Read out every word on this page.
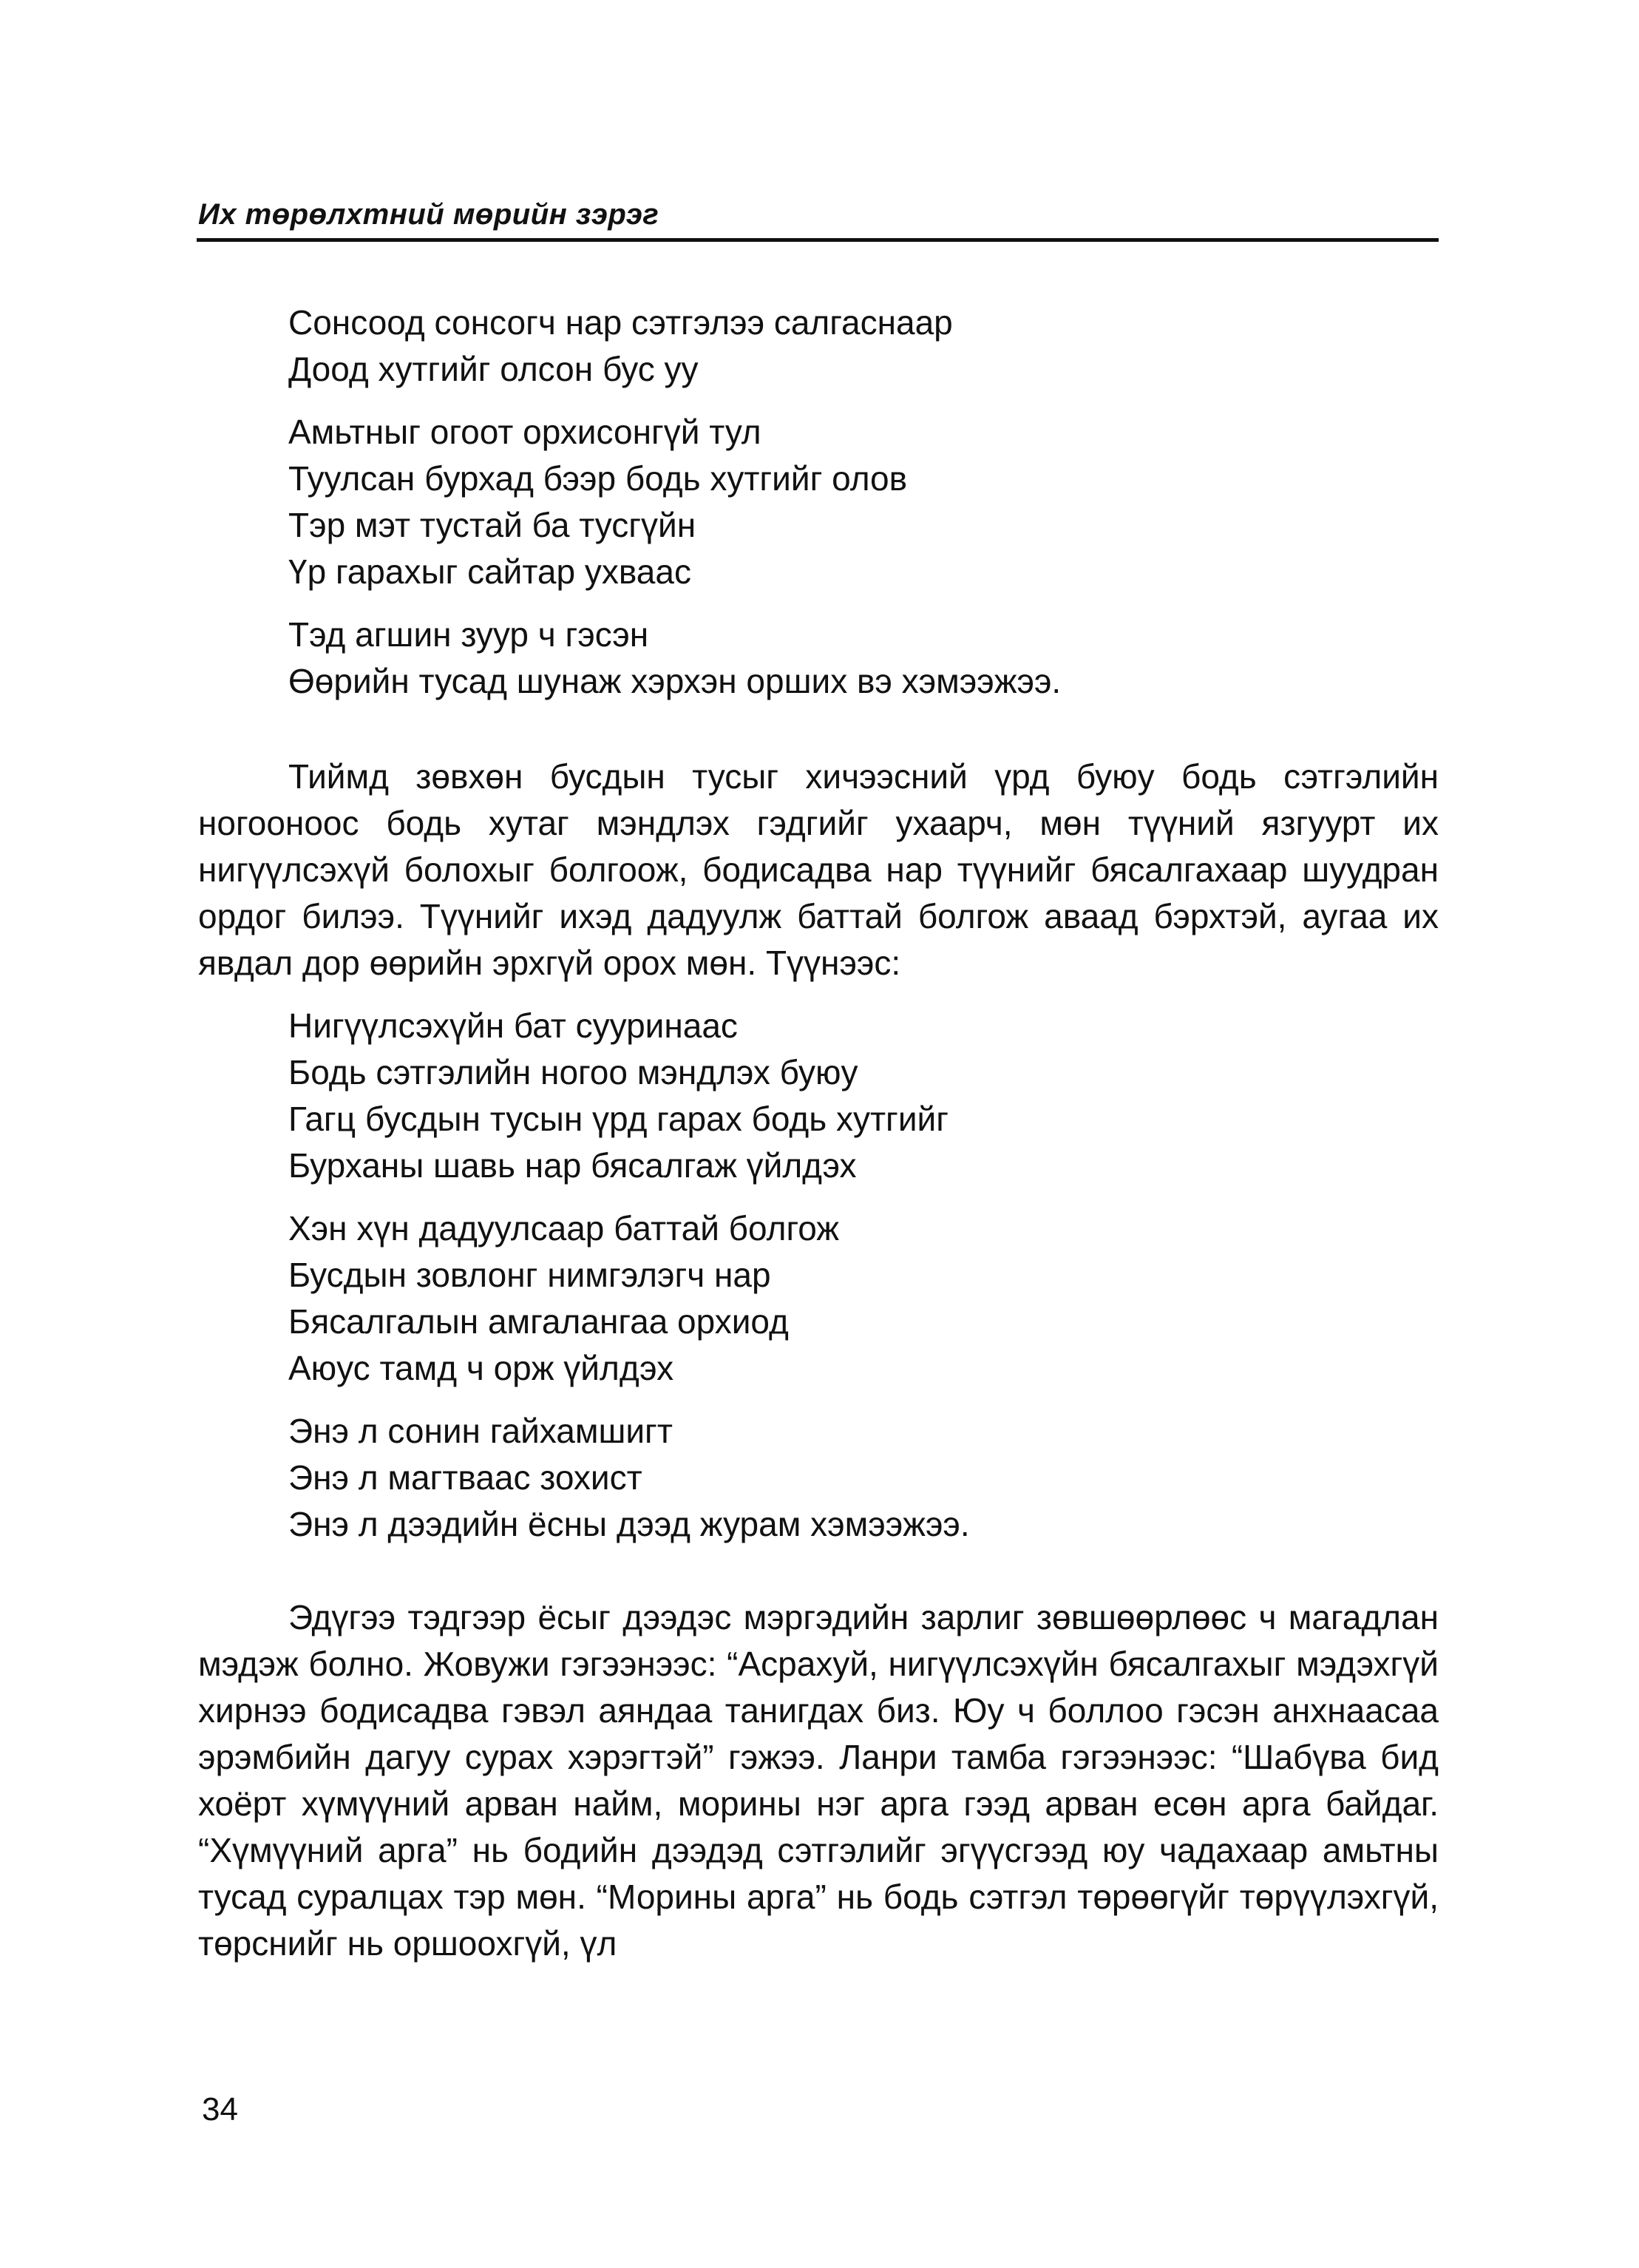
Их төрөлхтний мөрийн зэрэг
Сонсоод сонсогч нар сэтгэлээ салгаснаар
Доод хутгийг олсон бус уу
Амьтныг огоот орхисонгүй тул
Туулсан бурхад бээр бодь хутгийг олов
Тэр мэт тустай ба тусгүйн
Үр гарахыг сайтар ухваас
Тэд агшин зуур ч гэсэн
Өөрийн тусад шунаж хэрхэн орших вэ хэмээжээ.

Тиймд зөвхөн бусдын тусыг хичээсний үрд буюу бодь сэтгэлийн ногооноос бодь хутаг мэндлэх гэдгийг ухаарч, мөн түүний язгуурт их нигүүлсэхүй болохыг болгоож, бодисадва нар түүнийг бясалгахаар шуудран ордог билээ. Түүнийг ихэд дадуулж баттай болгож аваад бэрхтэй, аугаа их явдал дор өөрийн эрхгүй орох мөн. Түүнээс:

Нигүүлсэхүйн бат сууринаас
Бодь сэтгэлийн ногоо мэндлэх буюу
Гагц бусдын тусын үрд гарах бодь хутгийг
Бурханы шавь нар бясалгаж үйлдэх
Хэн хүн дадуулсаар баттай болгож
Бусдын зовлонг нимгэлэгч нар
Бясалгалын амгалангаа орхиод
Аюус тамд ч орж үйлдэх
Энэ л сонин гайхамшигт
Энэ л магтваас зохист
Энэ л дээдийн ёсны дээд журам хэмээжээ.

Эдүгээ тэдгээр ёсыг дээдэс мэргэдийн зарлиг зөвшөөрлөөс ч магадлан мэдэж болно. Жовужи гэгээнээс: “Асрахуй, нигүүлсэхүйн бясалгахыг мэдэхгүй хирнээ бодисадва гэвэл аяндаа танигдах биз. Юу ч боллоо гэсэн анхнаасаа эрэмбийн дагуу сурах хэрэгтэй” гэжээ. Ланри тамба гэгээнээс: “Шабүва бид хоёрт хүмүүний арван найм, морины нэг арга гээд арван есөн арга байдаг. “Хүмүүний арга” нь бодийн дээдэд сэтгэлийг эгүүсгээд юу чадахаар амьтны тусад суралцах тэр мөн. “Морины арга” нь бодь сэтгэл төрөөгүйг төрүүлэхгүй, төрснийг нь оршоохгүй, үл

34
